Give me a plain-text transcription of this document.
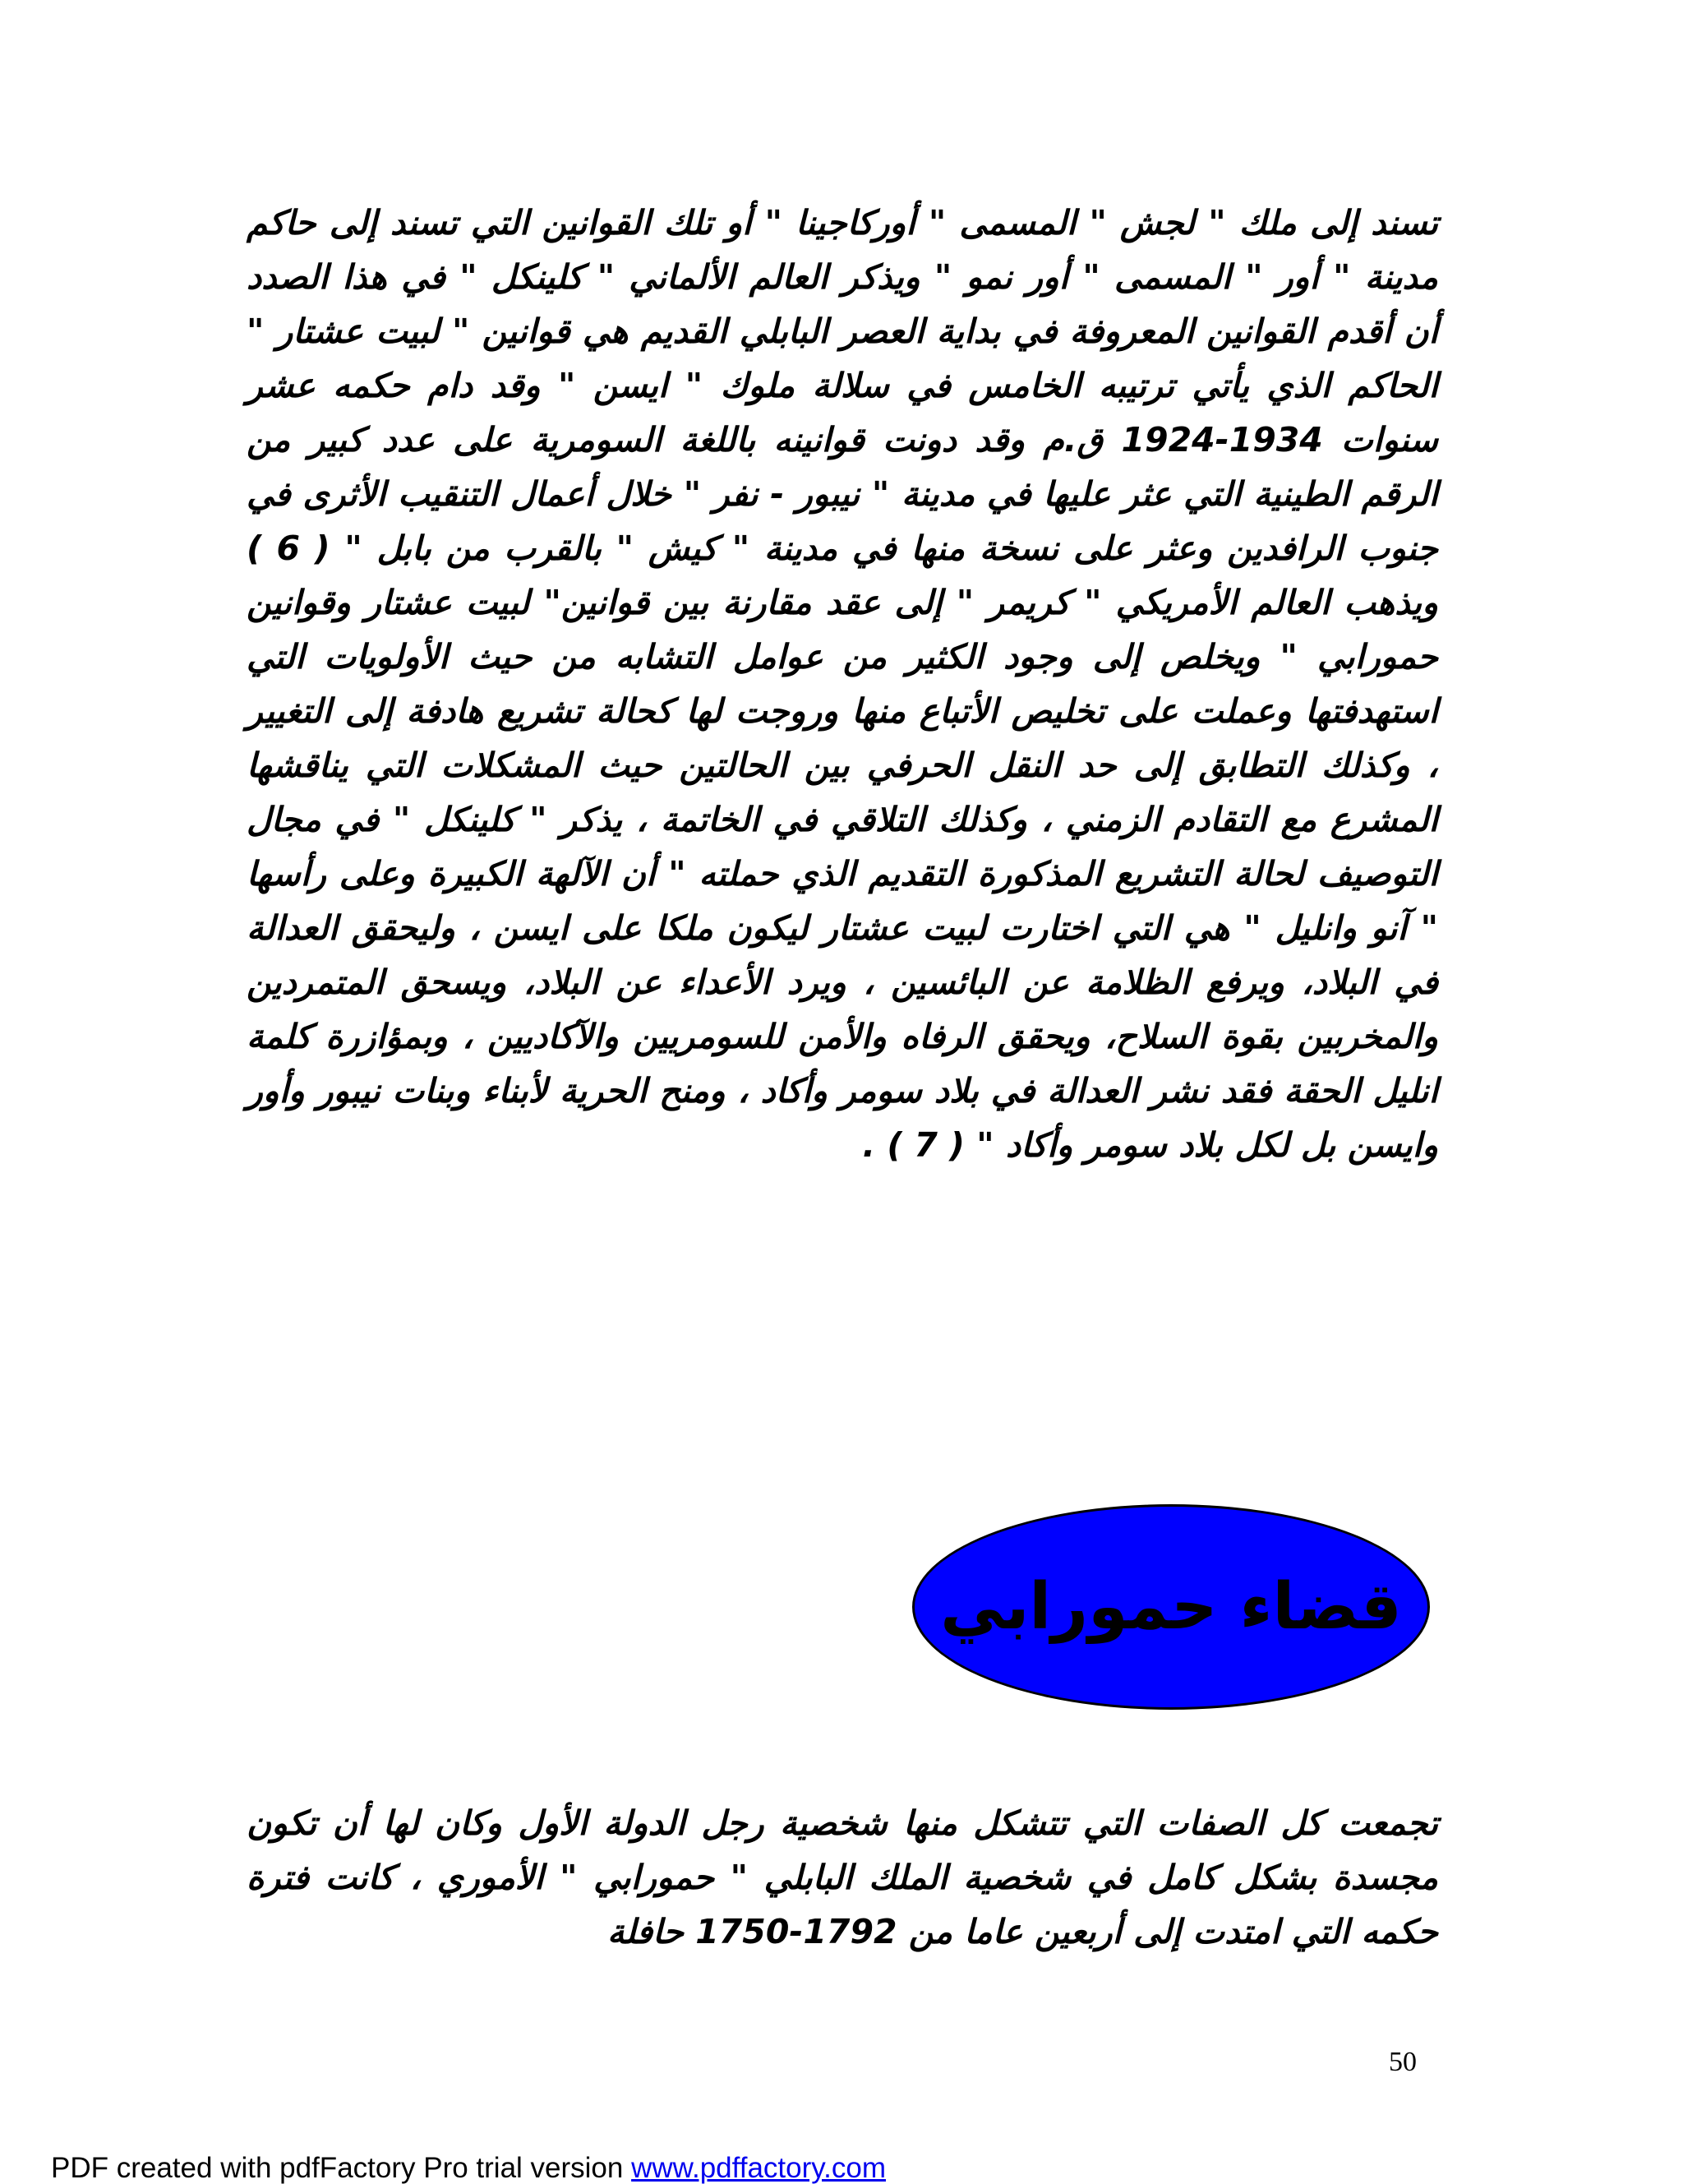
تسند إلى ملك " لجش " المسمى " أوركاجينا " أو تلك القوانين التي تسند إلى حاكم مدينة " أور " المسمى " أور نمو " ويذكر العالم الألماني " كلينكل " في هذا الصدد أن أقدم القوانين المعروفة في بداية العصر البابلي القديم هي قوانين " لبيت عشتار " الحاكم الذي يأتي ترتيبه الخامس في سلالة ملوك " ايسن " وقد دام حكمه عشر سنوات 1934-1924 ق.م وقد دونت قوانينه باللغة السومرية على عدد كبير من الرقم الطينية التي عثر عليها في مدينة " نيبور - نفر " خلال أعمال التنقيب الأثرى في جنوب الرافدين وعثر على نسخة منها في مدينة " كيش " بالقرب من بابل " ( 6 ) ويذهب العالم الأمريكي " كريمر " إلى عقد مقارنة بين قوانين" لبيت عشتار وقوانين حمورابي " ويخلص إلى وجود الكثير من عوامل التشابه من حيث الأولويات التي استهدفتها وعملت على تخليص الأتباع منها وروجت لها كحالة تشريع هادفة إلى التغيير ، وكذلك التطابق إلى حد النقل الحرفي بين الحالتين حيث المشكلات التي يناقشها المشرع مع التقادم الزمني ، وكذلك التلاقي في الخاتمة ، يذكر " كلينكل " في مجال التوصيف لحالة التشريع المذكورة التقديم الذي حملته " أن الآلهة الكبيرة وعلى رأسها " آنو وانليل " هي التي اختارت لبيت عشتار ليكون ملكا على ايسن ، وليحقق العدالة في البلاد، ويرفع الظلامة عن البائسين ، ويرد الأعداء عن البلاد، ويسحق المتمردين والمخربين بقوة السلاح، ويحقق الرفاه والأمن للسومريين والآكاديين ، وبمؤازرة كلمة انليل الحقة فقد نشر العدالة في بلاد سومر وأكاد ، ومنح الحرية لأبناء وبنات نيبور وأور وايسن بل لكل بلاد سومر وأكاد " ( 7 ) .

قضاء حمورابي

تجمعت كل الصفات التي تتشكل منها شخصية رجل الدولة الأول وكان لها أن تكون مجسدة بشكل كامل في شخصية الملك البابلي " حمورابي " الأموري ، كانت فترة حكمه التي امتدت إلى أربعين عاما من 1792-1750 حافلة

50
PDF created with pdfFactory Pro trial version www.pdffactory.com
